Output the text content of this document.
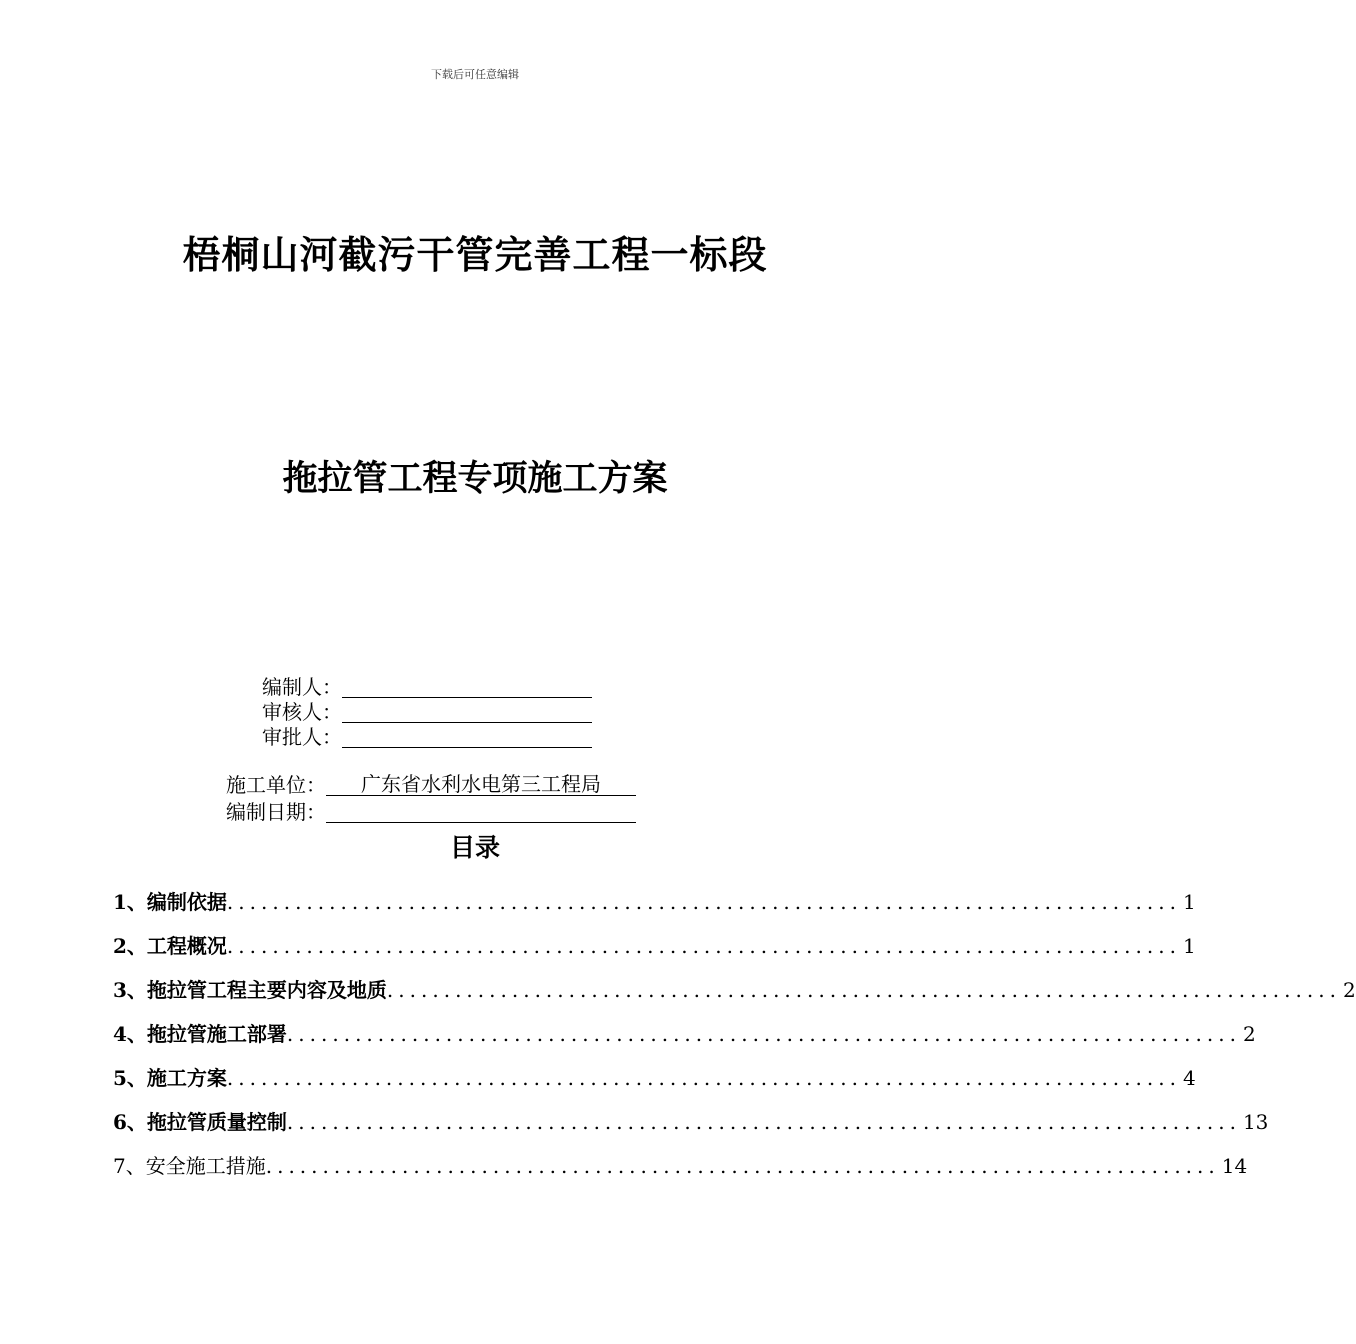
下载后可任意编辑
梧桐山河截污干管完善工程一标段
拖拉管工程专项施工方案
编制人：
审核人：
审批人：
施工单位：	广东省水利水电第三工程局
编制日期：
目录
1、编制依据 .................................................................................... 1
2、工程概况 .................................................................................... 1
3、拖拉管工程主要内容及地质 .................................................................................... 2
4、拖拉管施工部署 .................................................................................... 2
5、施工方案 .................................................................................... 4
6、拖拉管质量控制 .................................................................................... 13
7、安全施工措施 .................................................................................... 14
